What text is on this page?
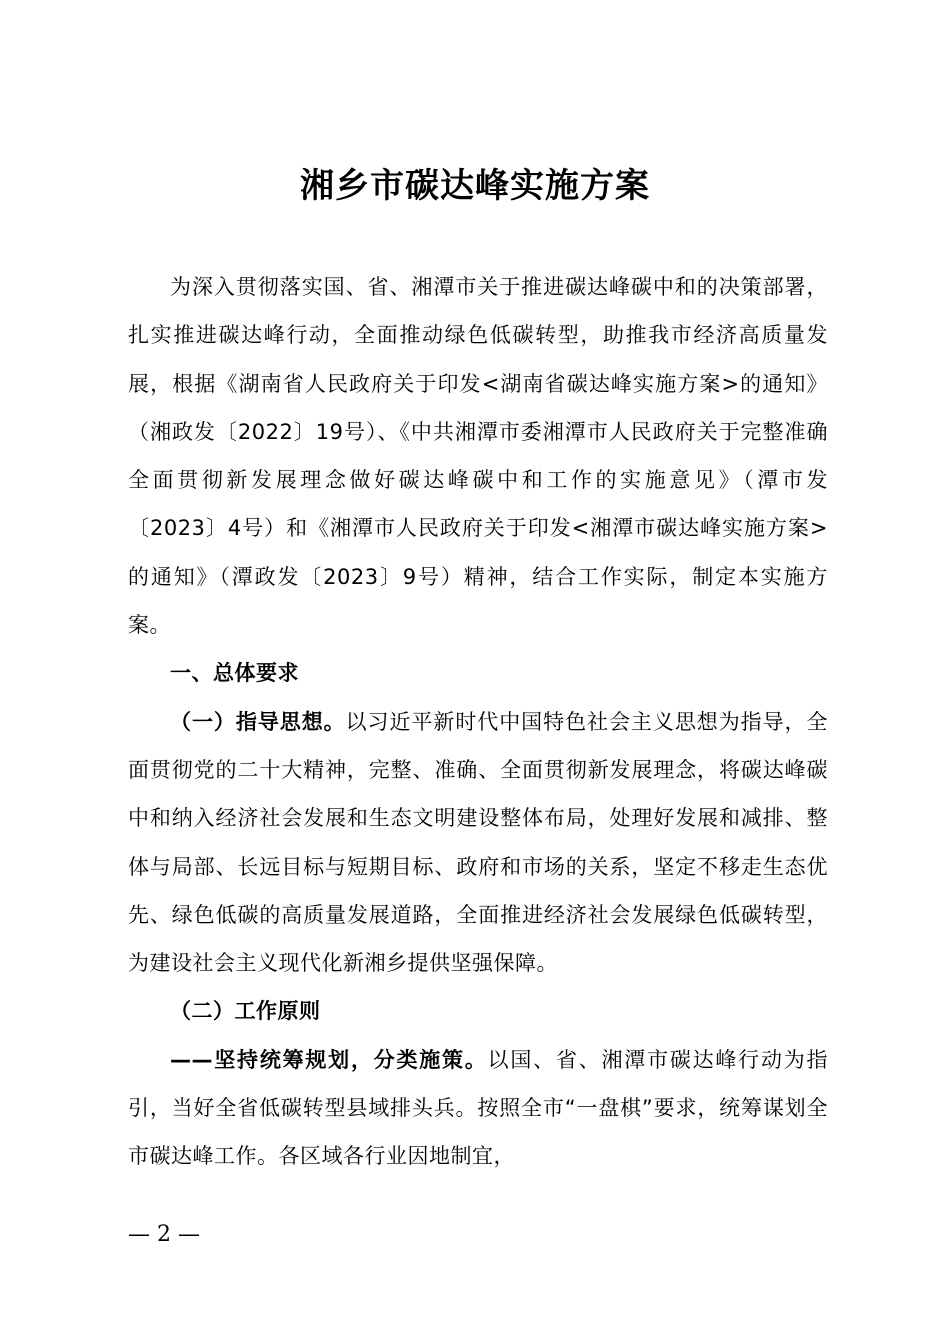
湘乡市碳达峰实施方案

为深入贯彻落实国、省、湘潭市关于推进碳达峰碳中和的决策部署，扎实推进碳达峰行动，全面推动绿色低碳转型，助推我市经济高质量发展，根据《湖南省人民政府关于印发<湖南省碳达峰实施方案>的通知》（湘政发〔2022〕19号）、《中共湘潭市委湘潭市人民政府关于完整准确全面贯彻新发展理念做好碳达峰碳中和工作的实施意见》（潭市发〔2023〕4号）和《湘潭市人民政府关于印发<湘潭市碳达峰实施方案>的通知》（潭政发〔2023〕9号）精神，结合工作实际，制定本实施方案。

一、总体要求

（一）指导思想。以习近平新时代中国特色社会主义思想为指导，全面贯彻党的二十大精神，完整、准确、全面贯彻新发展理念，将碳达峰碳中和纳入经济社会发展和生态文明建设整体布局，处理好发展和减排、整体与局部、长远目标与短期目标、政府和市场的关系，坚定不移走生态优先、绿色低碳的高质量发展道路，全面推进经济社会发展绿色低碳转型，为建设社会主义现代化新湘乡提供坚强保障。

（二）工作原则

——坚持统筹规划，分类施策。以国、省、湘潭市碳达峰行动为指引，当好全省低碳转型县域排头兵。按照全市“一盘棋”要求，统筹谋划全市碳达峰工作。各区域各行业因地制宜，

— 2 —
